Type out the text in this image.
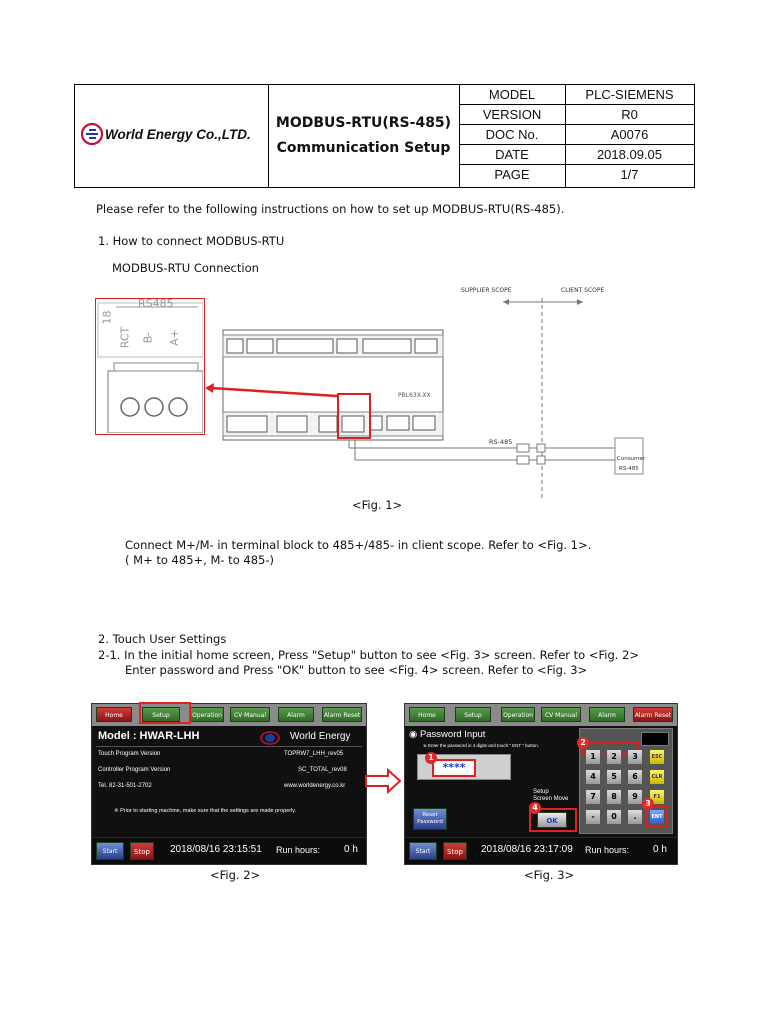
World Energy Co.,LTD.
MODBUS-RTU(RS-485)
Communication Setup
MODEL	PLC-SIEMENS
VERSION	R0
DOC No.	A0076
DATE	2018.09.05
PAGE	1/7
Please refer to the following instructions on how to set up MODBUS-RTU(RS-485).
1. How to connect MODBUS-RTU
MODBUS-RTU Connection
RS485
18
RCT B- A+
PBL63X-XX
SUPPLIER SCOPE	CLIENT SCOPE
RS-485
Consumer
RS-485
<Fig. 1>
Connect M+/M- in terminal block to 485+/485- in client scope. Refer to <Fig. 1>.
( M+ to 485+, M- to 485-)
2. Touch User Settings
2-1. In the initial home screen, Press "Setup" button to see <Fig. 3> screen. Refer to <Fig. 2>
Enter password and Press "OK" button to see <Fig. 4> screen. Refer to <Fig. 3>
Home	Setup	Operation	CV Manual	Alarm	Alarm Reset
Model : HWAR-LHH	World Energy
Touch Program Version	TOPRW7_LHH_rev05
Controller Program Version	SC_TOTAL_rev08
Tel. 82-31-501-2702	www.worldenergy.co.kr
※ Prior to starting machine, make sure that the settings are made properly.
Start	Stop	2018/08/16 23:15:51 Run hours: 0 h
Home	Setup	Operation	CV Manual	Alarm	Alarm Reset
◉ Password Input
※ Enter the password in 4 digits and touch " ENT " button.
****
1
Setup
Screen Move
OK
4
Reset
Password
2
1	2	3	ESC
4	5	6	CLR
7	8	9	F1
-	0	.	ENT
3
Start	Stop	2018/08/16 23:17:09 Run hours: 0 h
<Fig. 2>	<Fig. 3>
